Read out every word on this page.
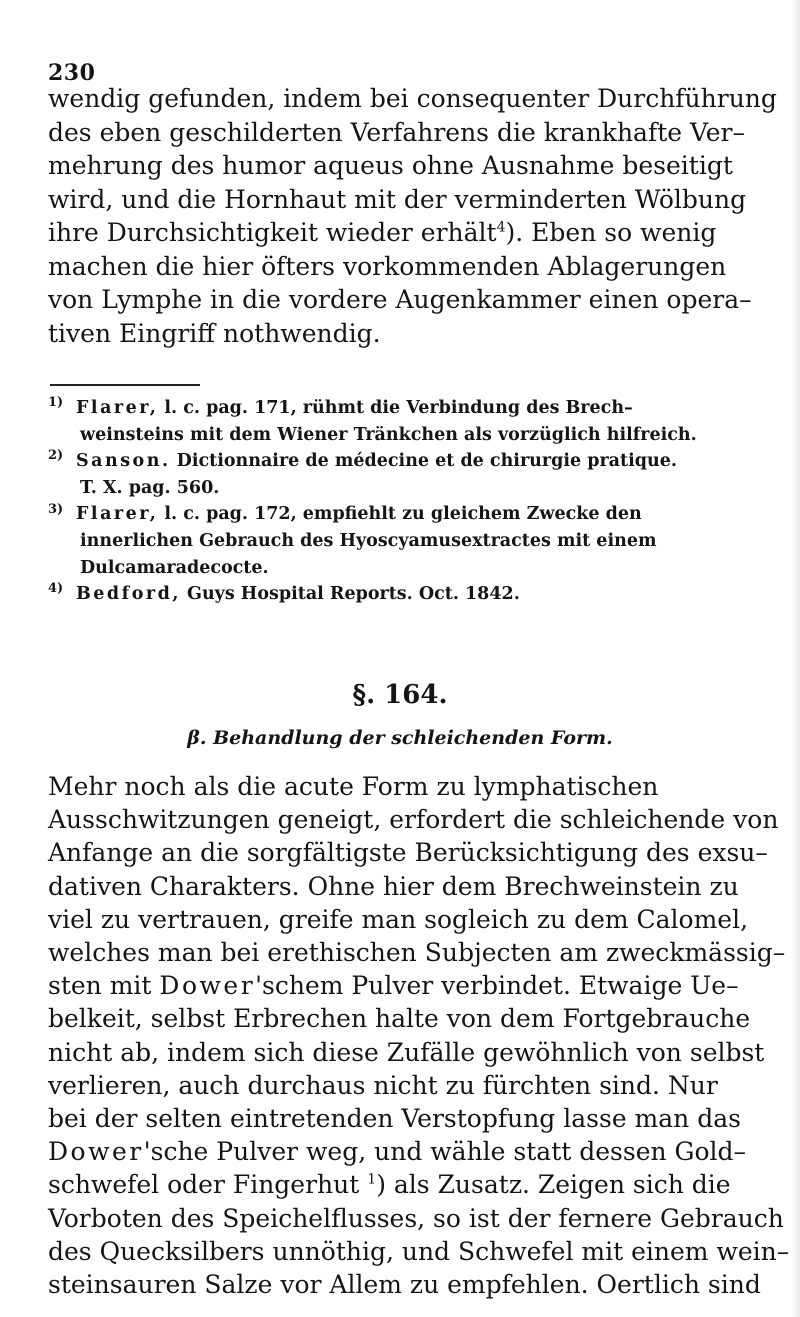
230
wendig gefunden, indem bei consequenter Durchführung
des eben geschilderten Verfahrens die krankhafte Ver–
mehrung des humor aqueus ohne Ausnahme beseitigt
wird, und die Hornhaut mit der verminderten Wölbung
ihre Durchsichtigkeit wieder erhält$^4$). Eben so wenig
machen die hier öfters vorkommenden Ablagerungen
von Lymphe in die vordere Augenkammer einen opera–
tiven Eingriff nothwendig.
1) Flarer, l. c. pag. 171, rühmt die Verbindung des Brech–
weinsteins mit dem Wiener Tränkchen als vorzüglich hilfreich.
2) Sanson. Dictionnaire de médecine et de chirurgie pratique.
T. X. pag. 560.
3) Flarer, l. c. pag. 172, empfiehlt zu gleichem Zwecke den
innerlichen Gebrauch des Hyoscyamusextractes mit einem
Dulcamaradecocte.
4) Bedford, Guys Hospital Reports. Oct. 1842.
§. 164.
β. Behandlung der schleichenden Form.
Mehr noch als die acute Form zu lymphatischen
Ausschwitzungen geneigt, erfordert die schleichende von
Anfange an die sorgfältigste Berücksichtigung des exsu–
dativen Charakters. Ohne hier dem Brechweinstein zu
viel zu vertrauen, greife man sogleich zu dem Calomel,
welches man bei erethischen Subjecten am zweckmässig–
sten mit Dower'schem Pulver verbindet. Etwaige Ue–
belkeit, selbst Erbrechen halte von dem Fortgebrauche
nicht ab, indem sich diese Zufälle gewöhnlich von selbst
verlieren, auch durchaus nicht zu fürchten sind. Nur
bei der selten eintretenden Verstopfung lasse man das
Dower'sche Pulver weg, und wähle statt dessen Gold–
schwefel oder Fingerhut $^1$) als Zusatz. Zeigen sich die
Vorboten des Speichelflusses, so ist der fernere Gebrauch
des Quecksilbers unnöthig, und Schwefel mit einem wein–
steinsauren Salze vor Allem zu empfehlen. Oertlich sind
